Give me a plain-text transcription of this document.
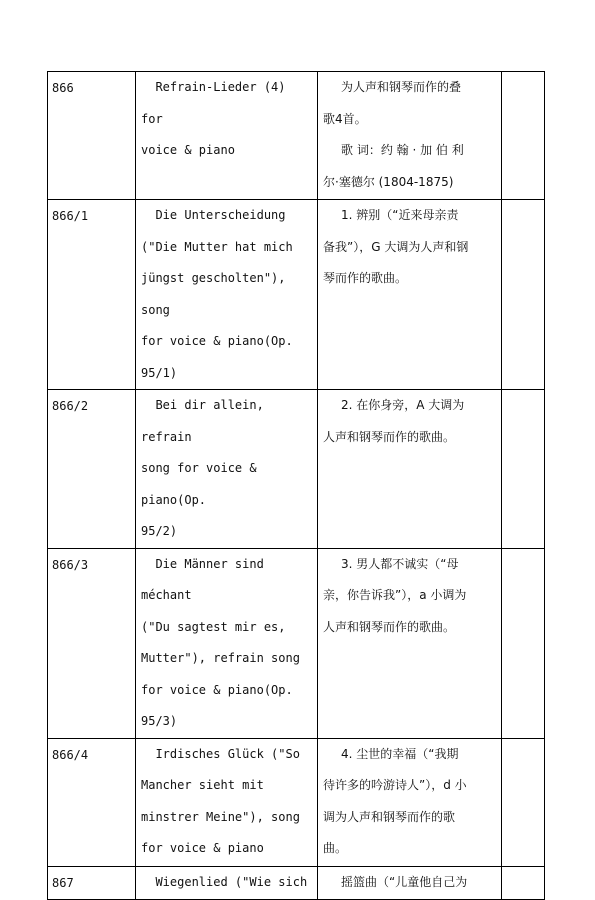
866	Refrain-Lieder (4) for
voice & piano	为人声和钢琴而作的叠
歌4首。
歌 词：约 翰 · 加 伯 利
尔·塞德尔 (1804-1875)	

866/1	Die Unterscheidung
("Die Mutter hat mich
jüngst gescholten"), song
for voice & piano(Op.
95/1)	1. 辨别（“近来母亲责
备我”），G 大调为人声和钢
琴而作的歌曲。	

866/2	Bei dir allein, refrain
song for voice & piano(Op.
95/2)	2. 在你身旁，A 大调为
人声和钢琴而作的歌曲。	

866/3	Die Männer sind méchant
("Du sagtest mir es,
Mutter"), refrain song
for voice & piano(Op.
95/3)	3. 男人都不诚实（“母
亲，你告诉我”），a 小调为
人声和钢琴而作的歌曲。	

866/4	Irdisches Glück ("So
Mancher sieht mit
minstrer Meine"), song
for voice & piano	4. 尘世的幸福（“我期
待许多的吟游诗人”），d 小
调为人声和钢琴而作的歌
曲。	

867	Wiegenlied ("Wie sich	摇篮曲（“儿童他自己为	
